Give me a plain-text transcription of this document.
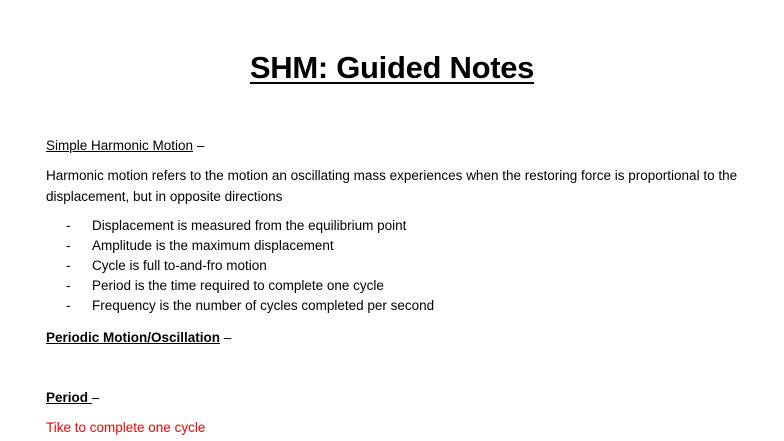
SHM: Guided Notes
Simple Harmonic Motion –
Harmonic motion refers to the motion an oscillating mass experiences when the restoring force is proportional to the displacement, but in opposite directions
-	Displacement is measured from the equilibrium point
-	Amplitude is the maximum displacement
-	Cycle is full to-and-fro motion
-	Period is the time required to complete one cycle
-	Frequency is the number of cycles completed per second
Periodic Motion/Oscillation –
Period –
Tike to complete one cycle
